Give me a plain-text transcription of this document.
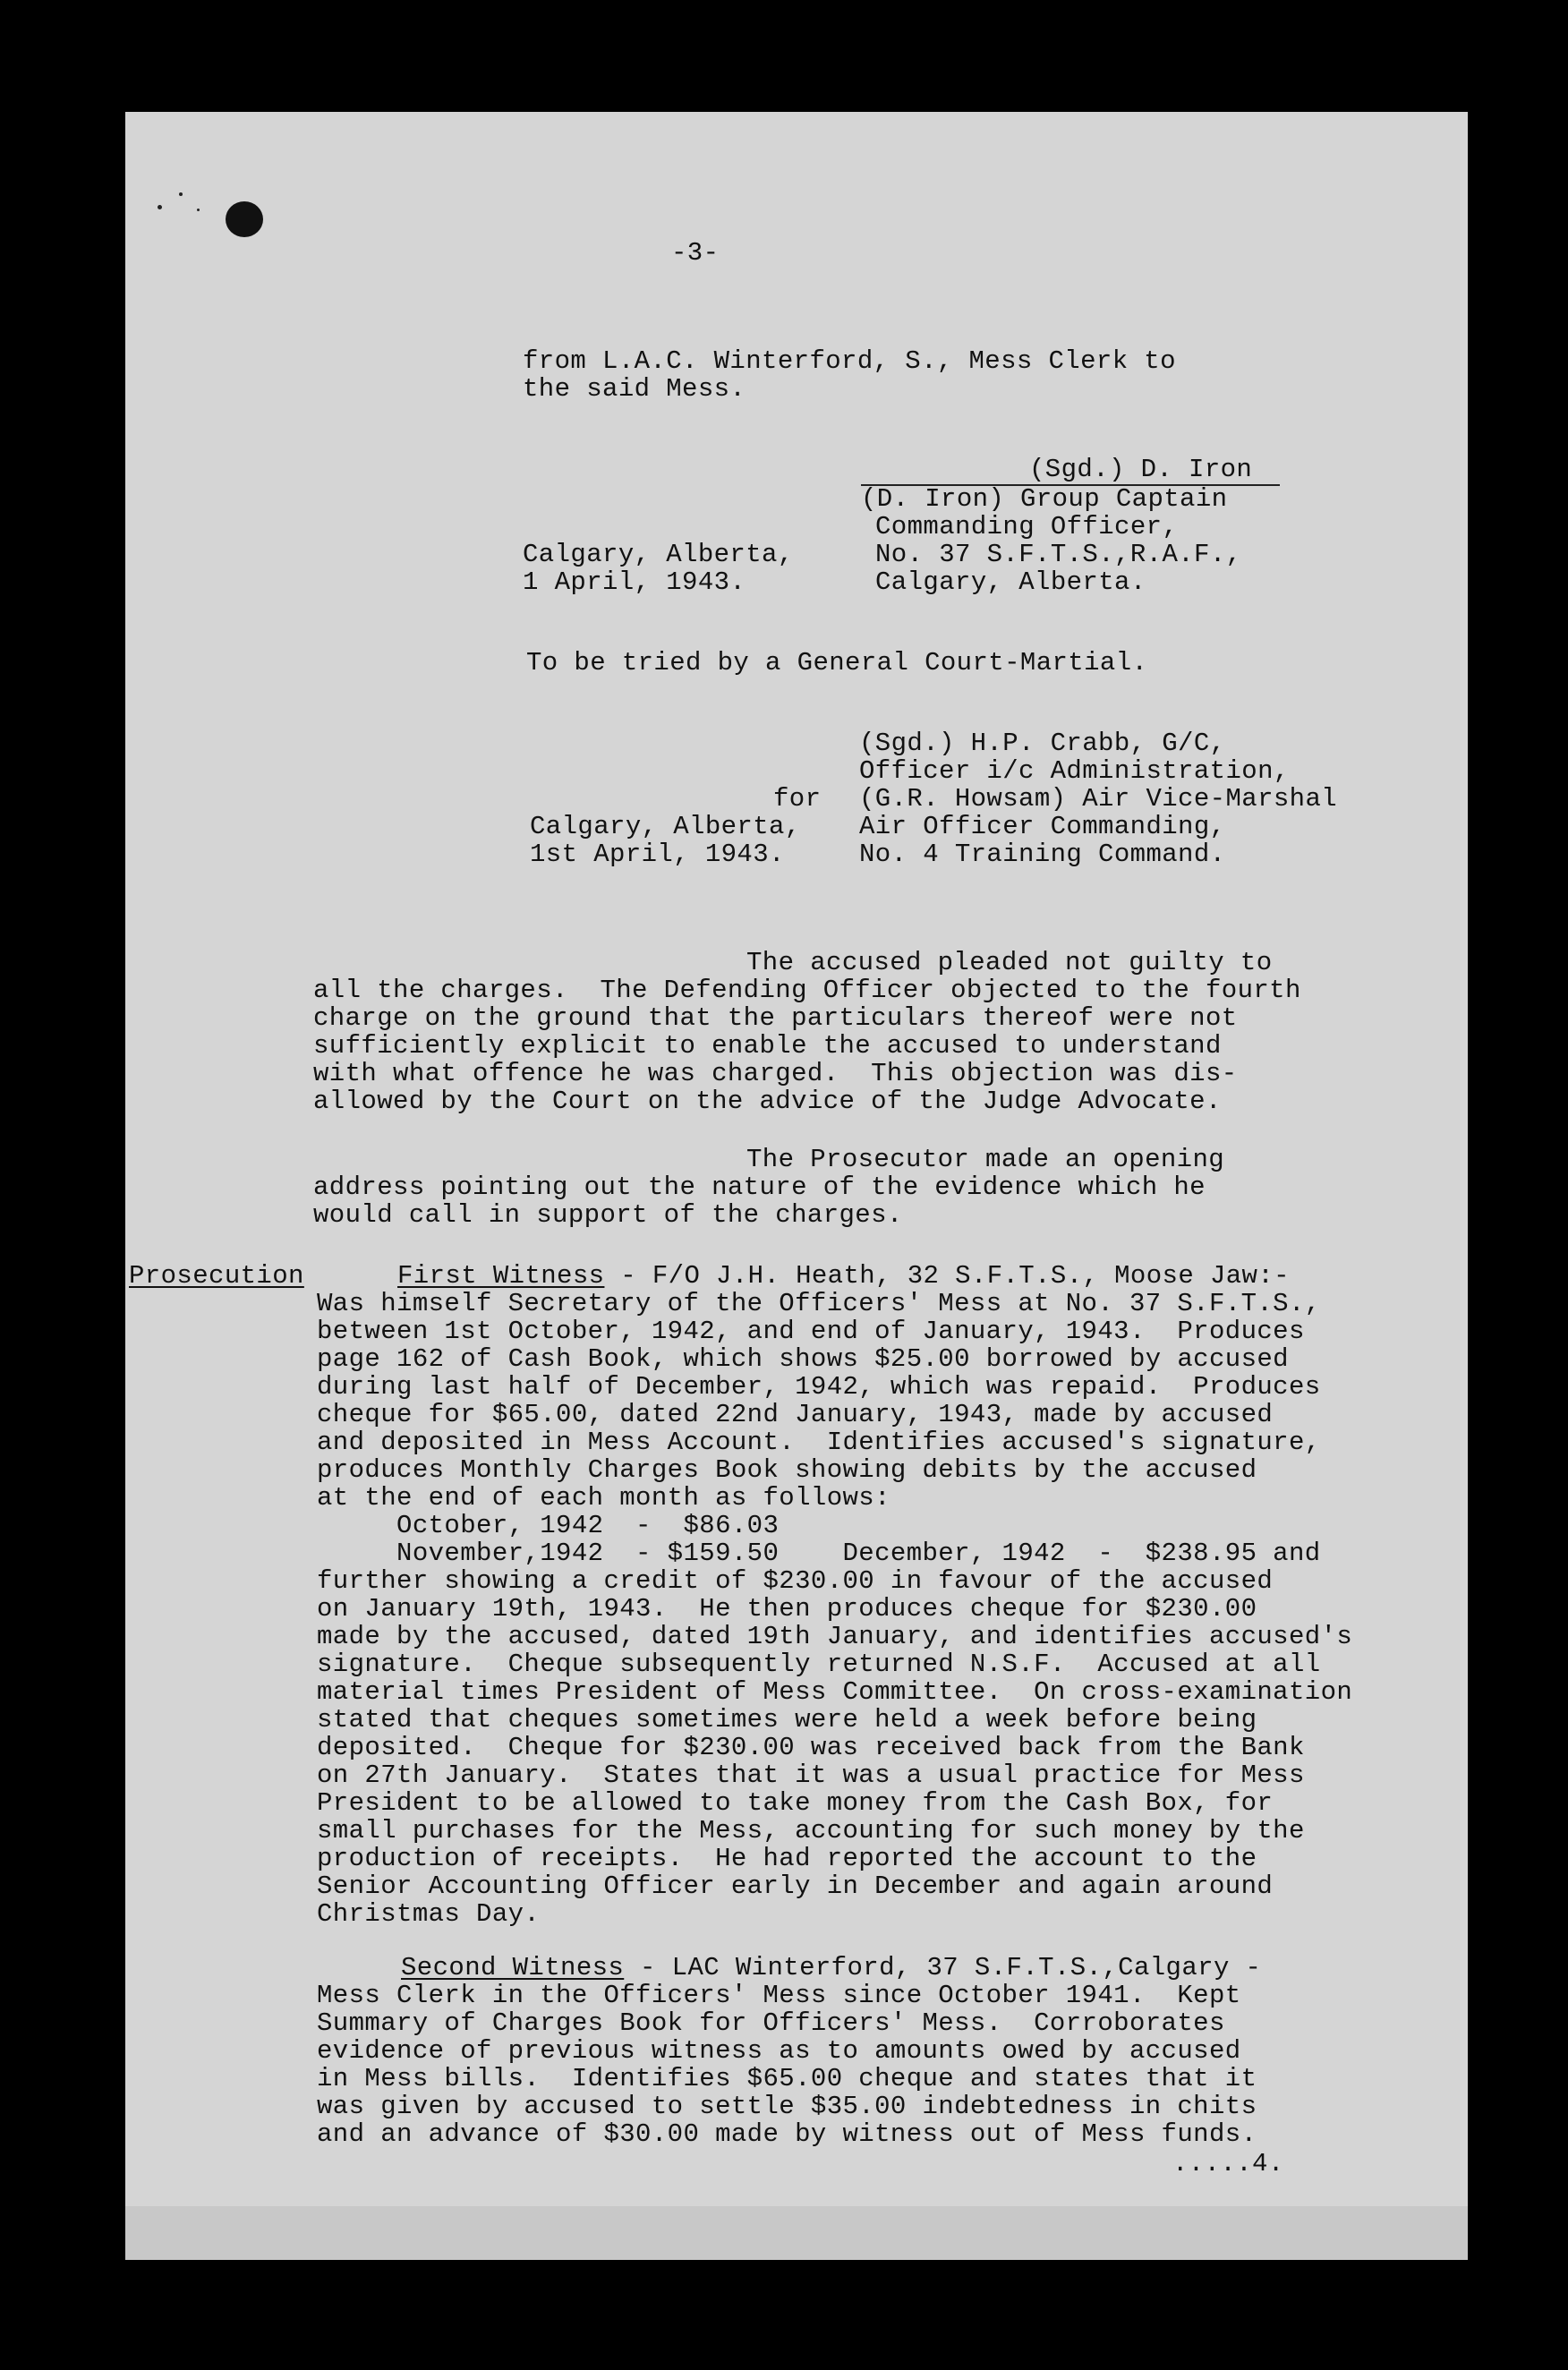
-3-
from L.A.C. Winterford, S., Mess Clerk to
the said Mess.
(Sgd.) D. Iron
(D. Iron) Group Captain
Commanding Officer,
No. 37 S.F.T.S.,R.A.F.,
Calgary, Alberta,
Calgary, Alberta.
1 April, 1943.
To be tried by a General Court-Martial.
(Sgd.) H.P. Crabb, G/C,
Officer i/c Administration,
for (G.R. Howsam) Air Vice-Marshal
Calgary, Alberta, Air Officer Commanding,
1st April, 1943.	No. 4 Training Command.
The accused pleaded not guilty to
all the charges.  The Defending Officer objected to the fourth
charge on the ground that the particulars thereof were not
sufficiently explicit to enable the accused to understand
with what offence he was charged.  This objection was dis-
allowed by the Court on the advice of the Judge Advocate.
The Prosecutor made an opening
address pointing out the nature of the evidence which he
would call in support of the charges.
Prosecution	First Witness - F/O J.H. Heath, 32 S.F.T.S., Moose Jaw:-
Was himself Secretary of the Officers' Mess at No. 37 S.F.T.S.,
between 1st October, 1942, and end of January, 1943.  Produces
page 162 of Cash Book, which shows $25.00 borrowed by accused
during last half of December, 1942, which was repaid.  Produces
cheque for $65.00, dated 22nd January, 1943, made by accused
and deposited in Mess Account.  Identifies accused's signature,
produces Monthly Charges Book showing debits by the accused
at the end of each month as follows:
October, 1942  -  $86.03
November,1942  - $159.50    December, 1942  -  $238.95 and
further showing a credit of $230.00 in favour of the accused
on January 19th, 1943.  He then produces cheque for $230.00
made by the accused, dated 19th January, and identifies accused's
signature.  Cheque subsequently returned N.S.F.  Accused at all
material times President of Mess Committee.  On cross-examination
stated that cheques sometimes were held a week before being
deposited.  Cheque for $230.00 was received back from the Bank
on 27th January.  States that it was a usual practice for Mess
President to be allowed to take money from the Cash Box, for
small purchases for the Mess, accounting for such money by the
production of receipts.  He had reported the account to the
Senior Accounting Officer early in December and again around
Christmas Day.
Second Witness - LAC Winterford, 37 S.F.T.S.,Calgary -
Mess Clerk in the Officers' Mess since October 1941.  Kept
Summary of Charges Book for Officers' Mess.  Corroborates
evidence of previous witness as to amounts owed by accused
in Mess bills.  Identifies $65.00 cheque and states that it
was given by accused to settle $35.00 indebtedness in chits
and an advance of $30.00 made by witness out of Mess funds.
.....4.
